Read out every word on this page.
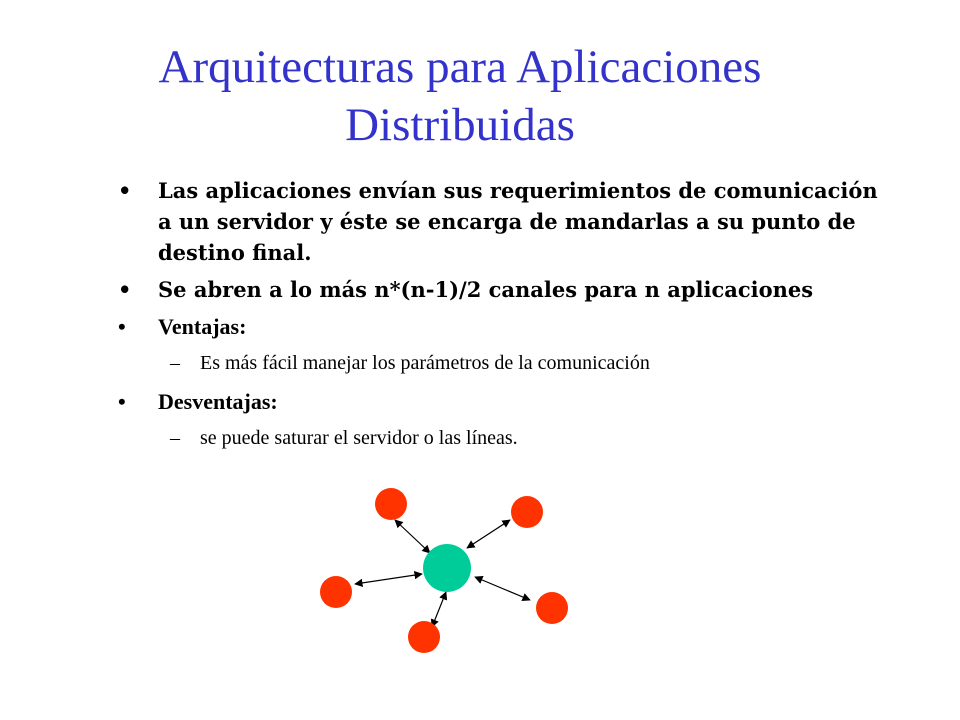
Arquitecturas para Aplicaciones
Distribuidas
• Las aplicaciones envían sus requerimientos de comunicación a un servidor y éste se encarga de mandarlas a su punto de destino final.
• Se abren a lo más n*(n-1)/2 canales para n aplicaciones
• Ventajas:
– Es más fácil manejar los parámetros de la comunicación
• Desventajas:
– se puede saturar el servidor o las líneas.
